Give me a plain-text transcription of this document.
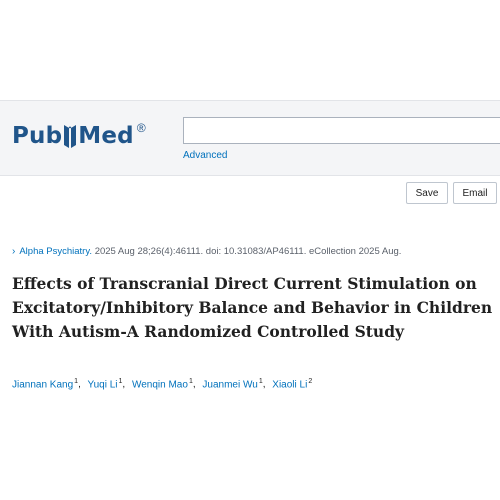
Pub Med ®
Advanced
Save	Email
› Alpha Psychiatry. 2025 Aug 28;26(4):46111. doi: 10.31083/AP46111. eCollection 2025 Aug.
Effects of Transcranial Direct Current Stimulation on Excitatory/Inhibitory Balance and Behavior in Children With Autism-A Randomized Controlled Study
Jiannan Kang$^1$, Yuqi Li$^1$, Wenqin Mao$^1$, Juanmei Wu$^1$, Xiaoli Li$^2$
